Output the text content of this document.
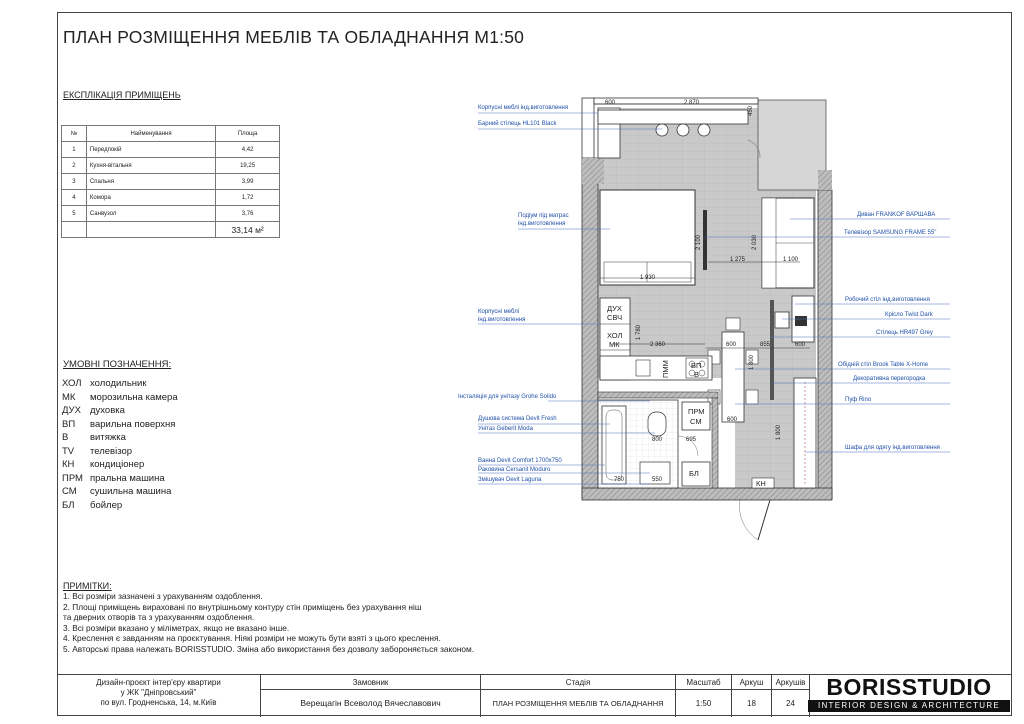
ПЛАН РОЗМІЩЕННЯ МЕБЛІВ ТА ОБЛАДНАННЯ М1:50
ЕКСПЛІКАЦІЯ ПРИМІЩЕНЬ
№	Найменування	Площа
1	Передпокій	4,42
2	Кухня-вітальня	19,25
3	Спальня	3,99
4	Комора	1,72
5	Санвузол	3,76
		33,14 м²
УМОВНІ ПОЗНАЧЕННЯ:
ХОЛ холодильник
МК	морозильна камера
ДУХ духовка
ВП	варильна поверхня
В	витяжка
TV	телевізор
КН	кондиціонер
ПРМ пральна машина
СМ	сушильна машина
БЛ	бойлер
ПРИМІТКИ:
1. Всі розміри зазначені з урахуванням оздоблення.
2. Площі приміщень вираховані по внутрішньому контуру стін приміщень без урахування ніш
та дверних отворів та з урахуванням оздоблення.
3. Всі розміри вказано у міліметрах, якщо не вказано інше.
4. Креслення є завданням на проєктування. Ніякі розміри не можуть бути взяті з цього креслення.
5. Авторські права належать BORISSTUDIO. Зміна або використання без дозволу забороняється законом.
600	2 870
450
1 930
2 100
1 275
2 030
1 100
2 360	600	855	600
1 800
1 800
1 780
800	695
550
750
600
ДУХ
СВЧ
ХОЛ
МК
ПММ	ВП
В
ПРМ
СМ
БЛ
КН
Корпусні меблі інд.виготовлення
Барний стілець HL101 Black
Подіум під матрас інд.виготовлення
Корпусні меблі інд.виготовлення
Інсталяція для унітазу Grohe Solido
Душова система Devit Fresh
Унітаз Geberit Moda
Ванна Devit Comfort 1700x750
Раковина Cersanit Moduro
Змішувач Devit Laguna
Диван FRANKOF ВАРШАВА
Телевізор SAMSUNG FRAME 55"
Робочий стіл інд.виготовлення
Крісло Twist Dark
Стілець HR497 Grey
Обідній стіл Brook Table X-Home
Декоративна перегородка
Пуф Rino
Шафа для одягу інд.виготовлення
Дизайн-проєкт інтер'єру квартири
у ЖК "Дніпровський"
по вул. Гродненська, 14, м.Київ
Замовник
Верещагін Всеволод Вячеславович
Стадія
ПЛАН РОЗМІЩЕННЯ МЕБЛІВ ТА ОБЛАДНАННЯ
Масштаб
1:50
Аркуш
18
Аркушів
24
BORISSTUDIO
INTERIOR DESIGN & ARCHITECTURE
